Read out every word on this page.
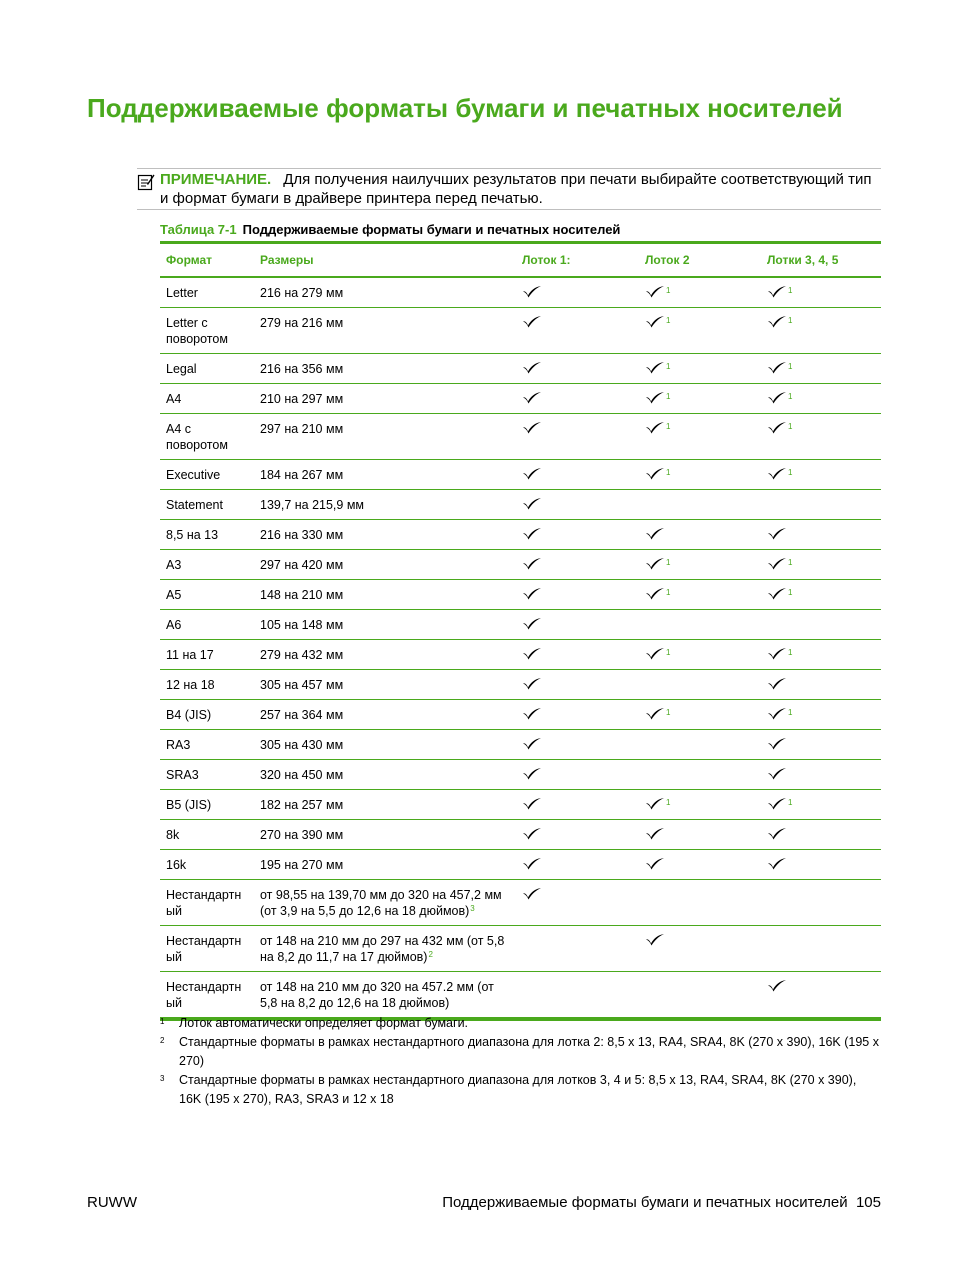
Поддерживаемые форматы бумаги и печатных носителей
ПРИМЕЧАНИЕ. Для получения наилучших результатов при печати выбирайте соответствующий тип и формат бумаги в драйвере принтера перед печатью.
Таблица 7-1 Поддерживаемые форматы бумаги и печатных носителей
Формат	Размеры	Лоток 1:	Лоток 2	Лотки 3, 4, 5
Letter	216 на 279 мм		$^1$	$^1$
Letter с поворотом	279 на 216 мм		$^1$	$^1$
Legal	216 на 356 мм		$^1$	$^1$
A4	210 на 297 мм		$^1$	$^1$
A4 с поворотом	297 на 210 мм		$^1$	$^1$
Executive	184 на 267 мм		$^1$	$^1$
Statement	139,7 на 215,9 мм	

8,5 на 13	216 на 330 мм	

A3	297 на 420 мм		$^1$	$^1$
A5	148 на 210 мм		$^1$	$^1$
A6	105 на 148 мм	

11 на 17	279 на 432 мм		$^1$	$^1$
12 на 18	305 на 457 мм	

B4 (JIS)	257 на 364 мм		$^1$	$^1$
RA3	305 на 430 мм	

SRA3	320 на 450 мм	

B5 (JIS)	182 на 257 мм		$^1$	$^1$
8k	270 на 390 мм	

16k	195 на 270 мм	

Нестандартн ый	от 98,55 на 139,70 мм до 320 на 457,2 мм (от 3,9 на 5,5 до 12,6 на 18 дюймов)$^3$	

Нестандартн ый	от 148 на 210 мм до 297 на 432 мм (от 5,8 на 8,2 до 11,7 на 17 дюймов)$^2$		

Нестандартн ый	от 148 на 210 мм до 320 на 457.2 мм (от 5,8 на 8,2 до 12,6 на 18 дюймов)			
1 Лоток автоматически определяет формат бумаги.
2 Стандартные форматы в рамках нестандартного диапазона для лотка 2: 8,5 x 13, RA4, SRA4, 8K (270 x 390), 16K (195 x 270)
3 Стандартные форматы в рамках нестандартного диапазона для лотков 3, 4 и 5: 8,5 x 13, RA4, SRA4, 8K (270 x 390), 16K (195 x 270), RA3, SRA3 и 12 x 18
RUWW	Поддерживаемые форматы бумаги и печатных носителей 105
